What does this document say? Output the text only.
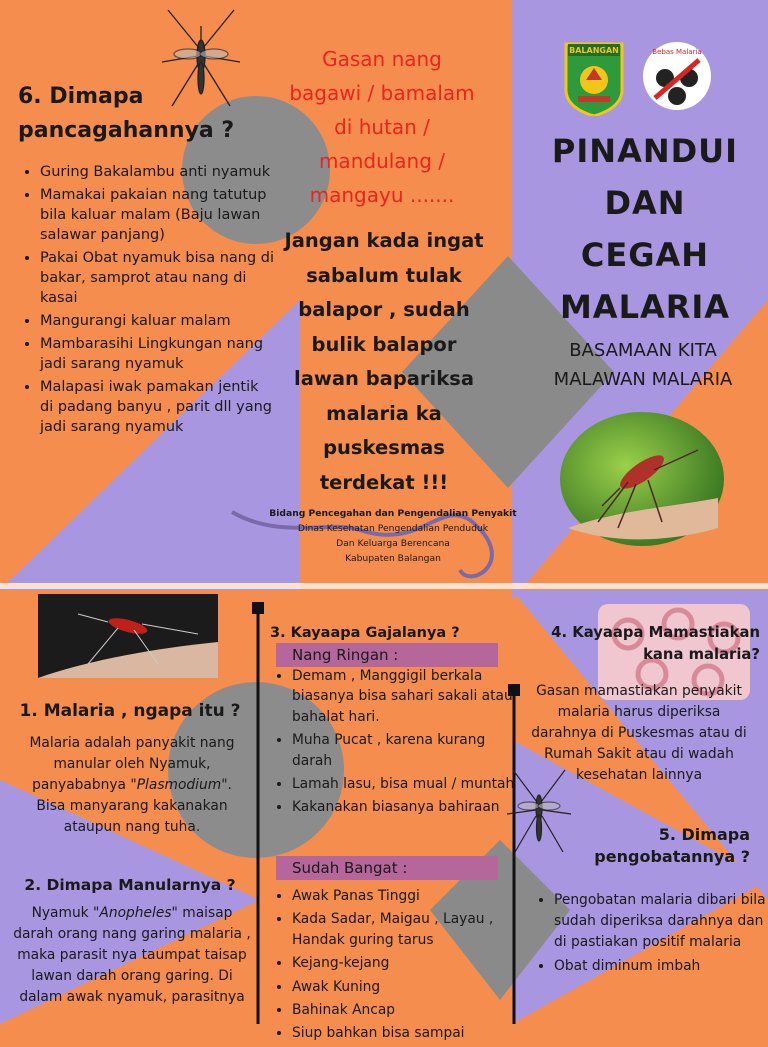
6. Dimapa
pancagahannya ?
• Guring Bakalambu anti nyamuk
• Mamakai pakaian nang tatutup bila kaluar malam (Baju lawan salawar panjang)
• Pakai Obat nyamuk bisa nang di bakar, samprot atau nang di kasai
• Mangurangi kaluar malam
• Mambarasihi Lingkungan nang jadi sarang nyamuk
• Malapasi iwak pamakan jentik di padang banyu , parit dll yang jadi sarang nyamuk
Gasan nang
bagawi / bamalam
di hutan /
mandulang /
mangayu .......
Jangan kada ingat
sabalum tulak
balapor , sudah
bulik balapor
lawan bapariksa
malaria ka
puskesmas
terdekat !!!
Bidang Pencegahan dan Pengendalian Penyakit
Dinas Kesehatan Pengendalian Penduduk
Dan Keluarga Berencana
Kabupaten Balangan
BALANGAN	Bebas Malaria
PINANDUI
DAN
CEGAH
MALARIA
BASAMAAN KITA
MALAWAN MALARIA
1. Malaria , ngapa itu ?
Malaria adalah panyakit nang manular oleh Nyamuk, panyababnya "Plasmodium". Bisa manyarang kakanakan ataupun nang tuha.
2. Dimapa Manularnya ?
Nyamuk "Anopheles" maisap darah orang nang garing malaria , maka parasit nya taumpat taisap lawan darah orang garing. Di dalam awak nyamuk, parasitnya
3. Kayaapa Gajalanya ?
Nang Ringan :
• Demam , Manggigil berkala biasanya bisa sahari sakali atau bahalat hari.
• Muha Pucat , karena kurang darah
• Lamah lasu, bisa mual / muntah
• Kakanakan biasanya bahiraan
Sudah Bangat :
• Awak Panas Tinggi
• Kada Sadar, Maigau , Layau , Handak guring tarus
• Kejang-kejang
• Awak Kuning
• Bahinak Ancap
• Siup bahkan bisa sampai
4. Kayaapa Mamastiakan
kana malaria?
Gasan mamastiakan penyakit malaria harus diperiksa darahnya di Puskesmas atau di Rumah Sakit atau di wadah kesehatan lainnya
5. Dimapa
pengobatannya ?
• Pengobatan malaria dibari bila sudah diperiksa darahnya dan di pastiakan positif malaria
• Obat diminum imbah
